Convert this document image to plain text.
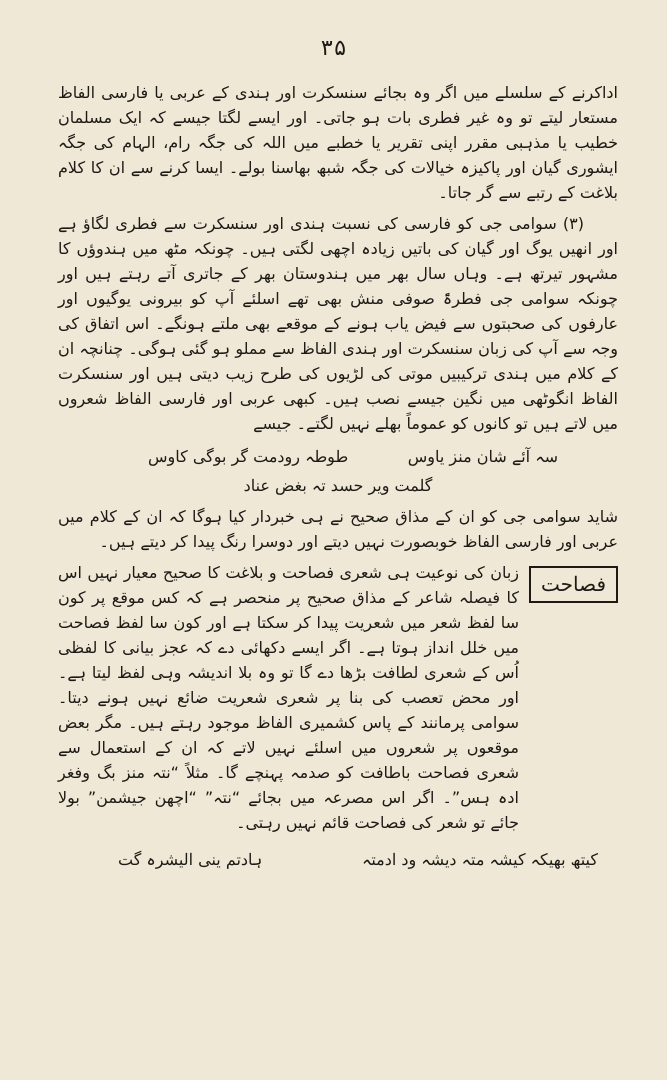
۳۵

اداکرنے کے سلسلے میں اگر وہ بجائے سنسکرت اور ہندی کے عربی یا فارسی الفاظ مستعار لیتے تو وہ غیر فطری بات ہو جاتی۔ اور ایسے لگتا جیسے کہ ایک مسلمان خطیب یا مذہبی مقرر اپنی تقریر یا خطبے میں اللہ کی جگہ رام، الہام کی جگہ ایشوری گیان اور پاکیزہ خیالات کی جگہ شبھ بھاسنا بولے۔ ایسا کرنے سے ان کا کلام بلاغت کے رتبے سے گر جاتا۔

(۳) سوامی جی کو فارسی کی نسبت ہندی اور سنسکرت سے فطری لگاؤ ہے اور انھیں یوگ اور گیان کی باتیں زیادہ اچھی لگتی ہیں۔ چونکہ مٹھ میں ہندوؤں کا مشہور تیرتھ ہے۔ وہاں سال بھر میں ہندوستان بھر کے جاتری آتے رہتے ہیں اور چونکہ سوامی جی فطرۃً صوفی منش بھی تھے اسلئے آپ کو بیرونی یوگیوں اور عارفوں کی صحبتوں سے فیض یاب ہونے کے موقعے بھی ملتے ہونگے۔ اس اتفاق کی وجہ سے آپ کی زبان سنسکرت اور ہندی الفاظ سے مملو ہو گئی ہوگی۔ چنانچہ ان کے کلام میں ہندی ترکیبیں موتی کی لڑیوں کی طرح زیب دیتی ہیں اور سنسکرت الفاظ انگوٹھی میں نگین جیسے نصب ہیں۔ کبھی عربی اور فارسی الفاظ شعروں میں لاتے ہیں تو کانوں کو عموماً بھلے نہیں لگتے۔ جیسے

سہ آئے شان منز یاوس
طوطہ رودمت گر بوگی کاوس
گلمت ویر حسد تہ بغض عناد

شاید سوامی جی کو ان کے مذاق صحیح نے ہی خبردار کیا ہوگا کہ ان کے کلام میں عربی اور فارسی الفاظ خوبصورت نہیں دیتے اور دوسرا رنگ پیدا کر دیتے ہیں۔

فصاحت

زبان کی نوعیت ہی شعری فصاحت و بلاغت کا صحیح معیار نہیں اس کا فیصلہ شاعر کے مذاق صحیح پر منحصر ہے کہ کس موقع پر کون سا لفظ شعر میں شعریت پیدا کر سکتا ہے اور کون سا لفظ فصاحت میں خلل انداز ہوتا ہے۔ اگر ایسے دکھائی دے کہ عجز بیانی کا لفظی اُس کے شعری لطافت بڑھا دے گا تو وہ بلا اندیشہ وہی لفظ لیتا ہے۔ اور محض تعصب کی بنا پر شعری شعریت ضائع نہیں ہونے دیتا۔ سوامی پرمانند کے پاس کشمیری الفاظ موجود رہتے ہیں۔ مگر بعض موقعوں پر شعروں میں اسلئے نہیں لاتے کہ ان کے استعمال سے شعری فصاحت باطافت کو صدمہ پہنچے گا۔ مثلاً “نتہ منز بگ وفغر ادہ ہس”۔ اگر اس مصرعہ میں بجائے “نتہ” “اچھن جیشمن” بولا جائے تو شعر کی فصاحت قائم نہیں رہتی۔

کیتھ بھیکہ کیشہ متہ دیشہ ود ادمتہ
ہادتم ینی الیشرہ گت
